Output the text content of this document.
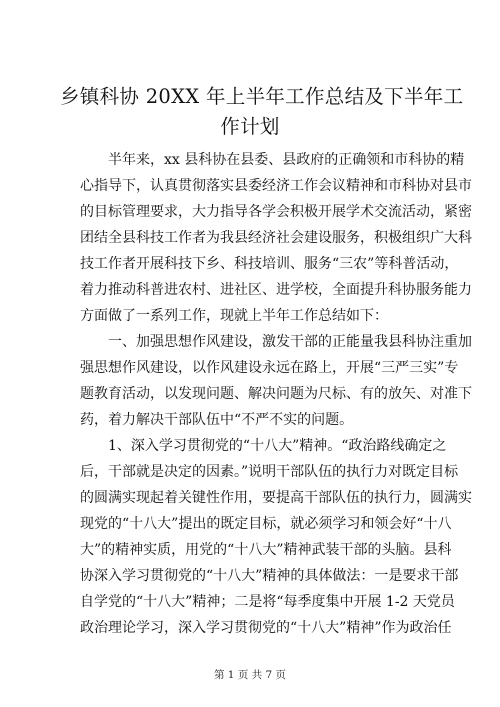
乡镇科协 20XX 年上半年工作总结及下半年工
作计划

　　半年来，xx 县科协在县委、县政府的正确领和市科协的精
心指导下，认真贯彻落实县委经济工作会议精神和市科协对县市
的目标管理要求，大力指导各学会积极开展学术交流活动，紧密
团结全县科技工作者为我县经济社会建设服务，积极组织广大科
技工作者开展科技下乡、科技培训、服务“三农”等科普活动，
着力推动科普进农村、进社区、进学校，全面提升科协服务能力
方面做了一系列工作，现就上半年工作总结如下：

　　一、加强思想作风建设，激发干部的正能量我县科协注重加
强思想作风建设，以作风建设永远在路上，开展“三严三实”专
题教育活动，以发现问题、解决问题为尺标、有的放矢、对准下
药，着力解决干部队伍中“不严不实的问题。

　　1、深入学习贯彻党的“十八大”精神。“政治路线确定之
后，干部就是决定的因素。”说明干部队伍的执行力对既定目标
的圆满实现起着关键性作用，要提高干部队伍的执行力，圆满实
现党的“十八大”提出的既定目标，就必须学习和领会好“十八
大”的精神实质，用党的“十八大”精神武装干部的头脑。县科
协深入学习贯彻党的“十八大”精神的具体做法：一是要求干部
自学党的“十八大”精神；二是将“每季度集中开展 1-2 天党员
政治理论学习，深入学习贯彻党的“十八大”精神”作为政治任

第 1 页 共 7 页
